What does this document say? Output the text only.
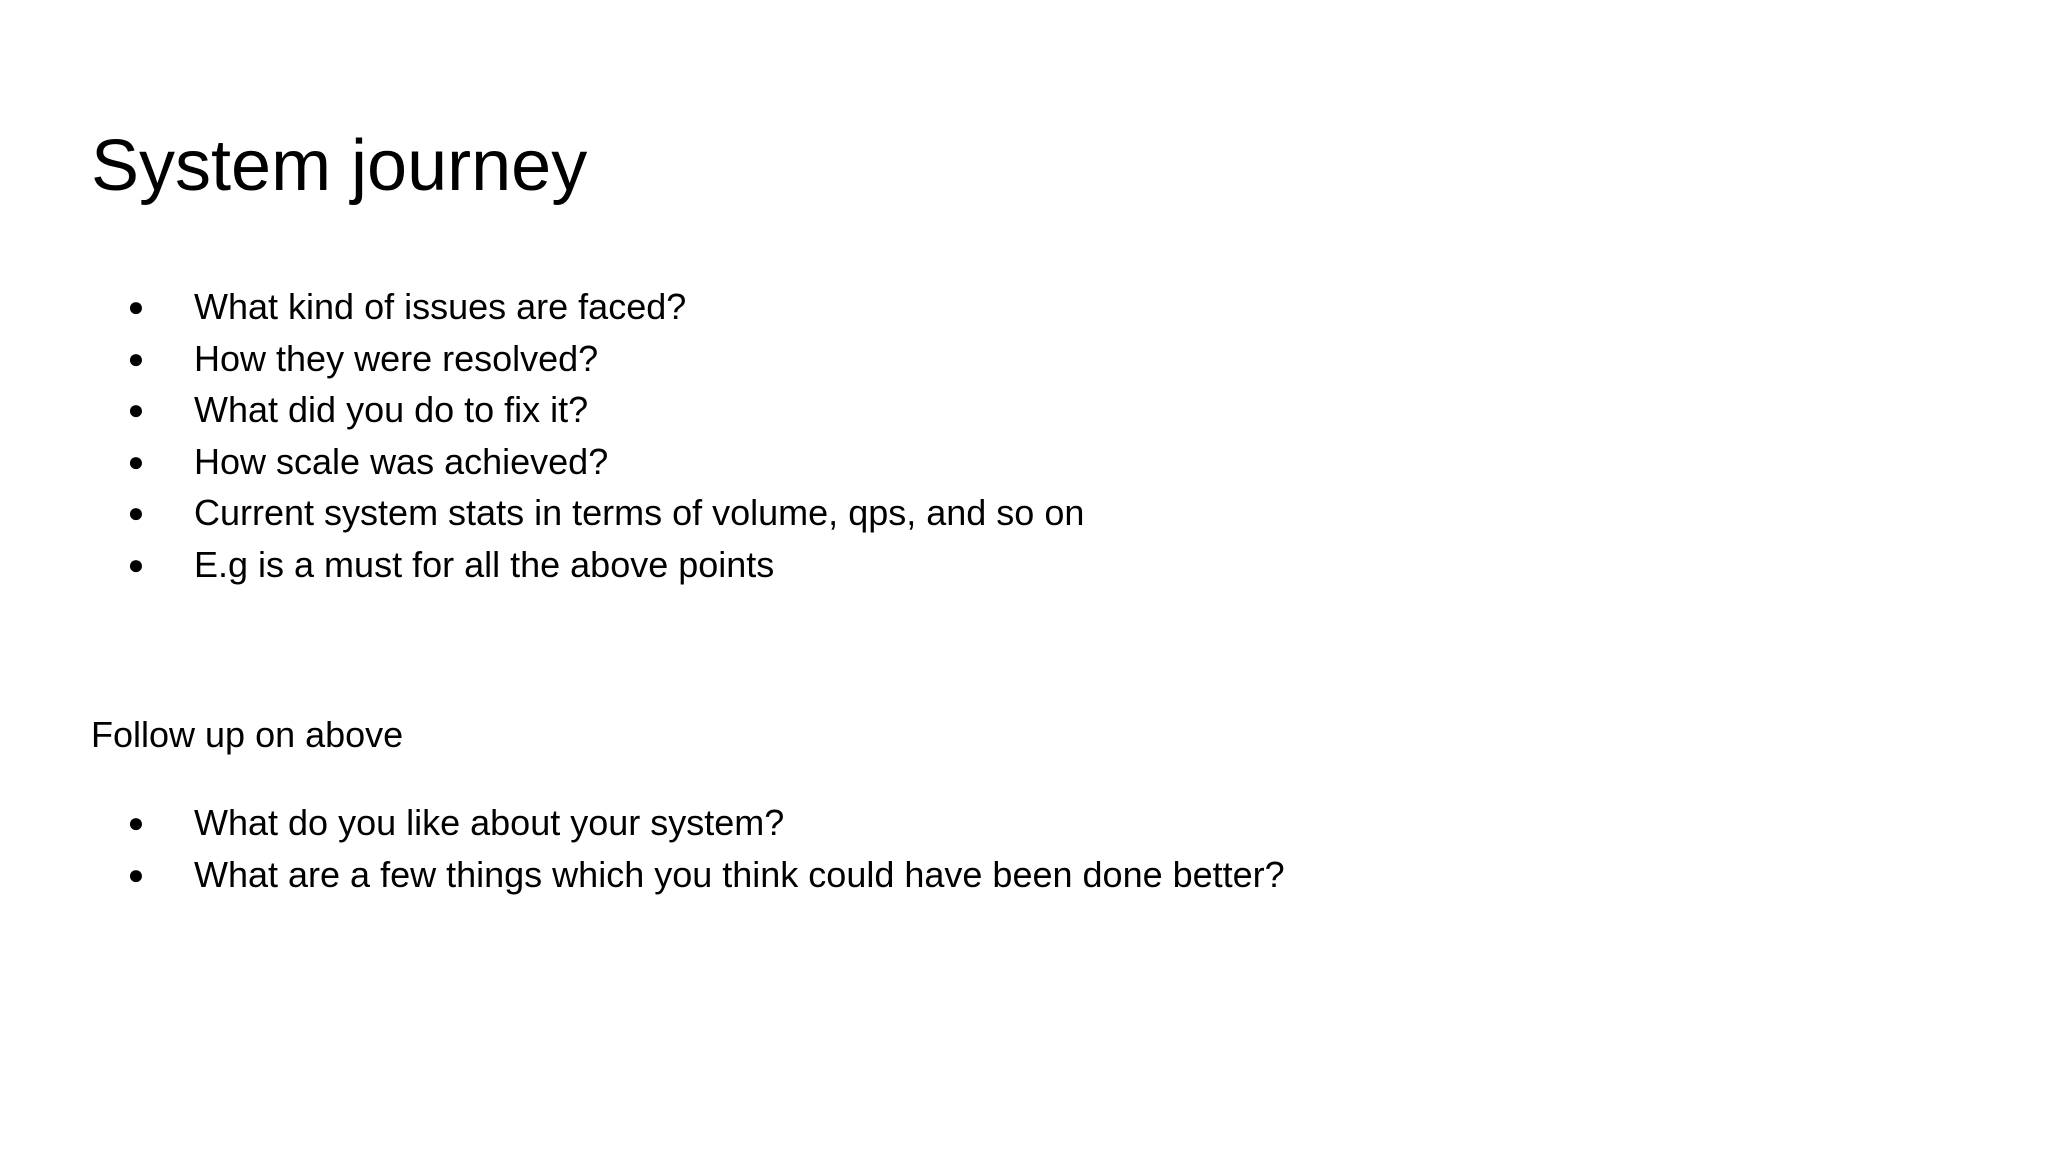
System journey
● What kind of issues are faced?
● How they were resolved?
● What did you do to fix it?
● How scale was achieved?
● Current system stats in terms of volume, qps, and so on
● E.g is a must for all the above points

Follow up on above

● What do you like about your system?
● What are a few things which you think could have been done better?
